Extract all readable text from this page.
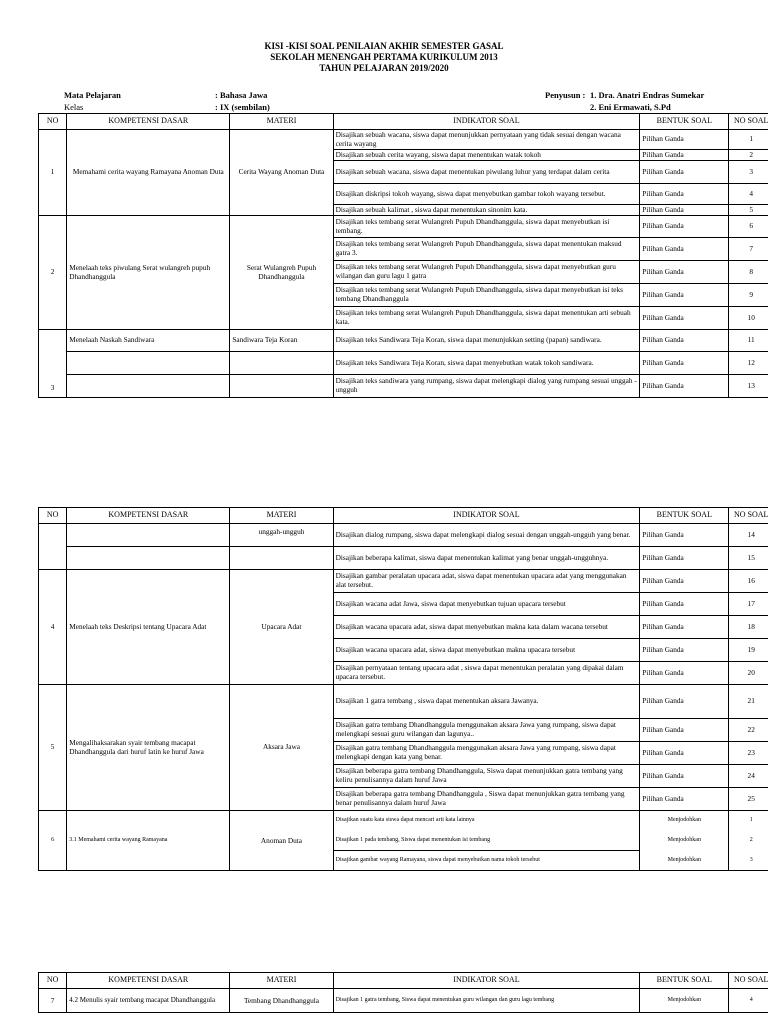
KISI -KISI SOAL PENILAIAN AKHIR SEMESTER GASAL
SEKOLAH MENENGAH PERTAMA KURIKULUM 2013
TAHUN PELAJARAN 2019/2020
Mata Pelajaran	: Bahasa Jawa
Kelas	: IX (sembilan)
Penyusun : 1. Dra. Anatri Endras Sumekar
2. Eni Ermawati, S.Pd
NO	KOMPETENSI DASAR	MATERI	INDIKATOR SOAL	BENTUK SOAL	NO SOAL
1	Memahami cerita wayang Ramayana Anoman Duta	Cerita Wayang Anoman Duta	Disajikan sebuah wacana, siswa dapat menunjukkan pernyataan yang tidak sesuai dengan wacana cerita wayang	Pilihan Ganda	1
			Disajikan sebuah cerita wayang, siswa dapat menentukan watak tokoh	Pilihan Ganda	2
			Disajikan sebuah wacana, siswa dapat menentukan piwulang luhur yang terdapat dalam cerita	Pilihan Ganda	3
			Disajikan diskripsi tokoh wayang, siswa dapat menyebutkan gambar tokoh wayang tersebut.	Pilihan Ganda	4
			Disajikan sebuah kalimat , siswa dapat menentukan sinonim kata.	Pilihan Ganda	5
2	Menelaah teks piwulang Serat wulangreh pupuh Dhandhanggula	Serat Wulangreh Pupuh Dhandhanggula	Disajikan teks tembang serat Wulangreh Pupuh Dhandhanggula, siswa dapat menyebutkan isi tembang.	Pilihan Ganda	6
			Disajikan teks tembang serat Wulangreh Pupuh Dhandhanggula, siswa dapat menentukan maksud gatra 3.	Pilihan Ganda	7
			Disajikan teks tembang serat Wulangreh Pupuh Dhandhanggula, siswa dapat menyebutkan guru wilangan dan guru lagu 1 gatra	Pilihan Ganda	8
			Disajikan teks tembang serat Wulangreh Pupuh Dhandhanggula, siswa dapat menyebutkan isi teks tembang Dhandhanggula	Pilihan Ganda	9
			Disajikan teks tembang serat Wulangreh Pupuh Dhandhanggula, siswa dapat menentukan arti sebuah kata.	Pilihan Ganda	10
3	Menelaah Naskah Sandiwara	Sandiwara Teja Koran	Disajikan teks Sandiwara Teja Koran, siswa dapat menunjukkan setting (papan) sandiwara.	Pilihan Ganda	11
			Disajikan teks Sandiwara Teja Koran, siswa dapat menyebutkan watak tokoh sandiwara.	Pilihan Ganda	12
			Disajikan teks sandiwara yang rumpang, siswa dapat melengkapi dialog yang rumpang sesuai unggah - ungguh	Pilihan Ganda	13
NO	KOMPETENSI DASAR	MATERI	INDIKATOR SOAL	BENTUK SOAL	NO SOAL
		unggah-ungguh	Disajikan dialog rumpang, siswa dapat melengkapi dialog sesuai dengan unggah-ungguh yang benar.	Pilihan Ganda	14
			Disajikan beberapa kalimat, siswa dapat menentukan kalimat yang benar unggah-ungguhnya.	Pilihan Ganda	15
4	Menelaah teks Deskripsi tentang Upacara Adat	Upacara Adat	Disajikan gambar peralatan upacara adat, siswa dapat menentukan upacara adat yang menggunakan alat tersebut.	Pilihan Ganda	16
			Disajikan wacana adat Jawa, siswa dapat menyebutkan tujuan upacara tersebut	Pilihan Ganda	17
			Disajikan wacana upacara adat, siswa dapat menyebutkan makna kata dalam wacana tersebut	Pilihan Ganda	18
			Disajikan wacana upacara adat, siswa dapat menyebutkan makna upacara tersebut	Pilihan Ganda	19
			Disajikan pernyataan tentang upacara adat , siswa dapat menentukan peralatan yang dipakai dalam upacara tersebut.	Pilihan Ganda	20
5	Mengalihaksarakan syair tembang macapat Dhandhanggula dari huruf latin ke huruf Jawa	Aksara Jawa	Disajikan 1 gatra tembang , siswa dapat menentukan aksara Jawanya.	Pilihan Ganda	21
			Disajikan gatra tembang Dhandhanggula menggunakan aksara Jawa yang rumpang, siswa dapat melengkapi sesuai guru wilangan dan lagunya..	Pilihan Ganda	22
			Disajikan gatra tembang Dhandhanggula menggunakan aksara Jawa yang rumpang, siswa dapat melengkapi dengan kata yang benar.	Pilihan Ganda	23
			Disajikan beberapa gatra tembang Dhandhanggula, Siswa dapat menunjukkan gatra tembang yang keliru penulisannya dalam huruf Jawa	Pilihan Ganda	24
			Disajikan beberapa gatra tembang Dhandhanggula , Siswa dapat menunjukkan gatra tembang yang benar penulisannya dalam huruf Jawa	Pilihan Ganda	25
6	3.1 Memahami cerita wayang Ramayana	Anoman Duta	Disajikan suatu kata siswa dapat mencari arti kata lainnya	Menjodohkan	1
			Disajikan 1 pada tembang, Siswa dapat menentukan isi tembang	Menjodohkan	2
			Disajikan gambar wayang Ramayana, siswa dapat menyebutkan nama tokoh tersebut	Menjodohkan	3
NO	KOMPETENSI DASAR	MATERI	INDIKATOR SOAL	BENTUK SOAL	NO SOAL
7	4.2 Menulis syair tembang macapat Dhandhanggula	Tembang Dhandhanggula	Disajikan 1 gatra tembang, Siswa dapat menentukan guru wilangan dan guru lagu tembang	Menjodohkan	4
